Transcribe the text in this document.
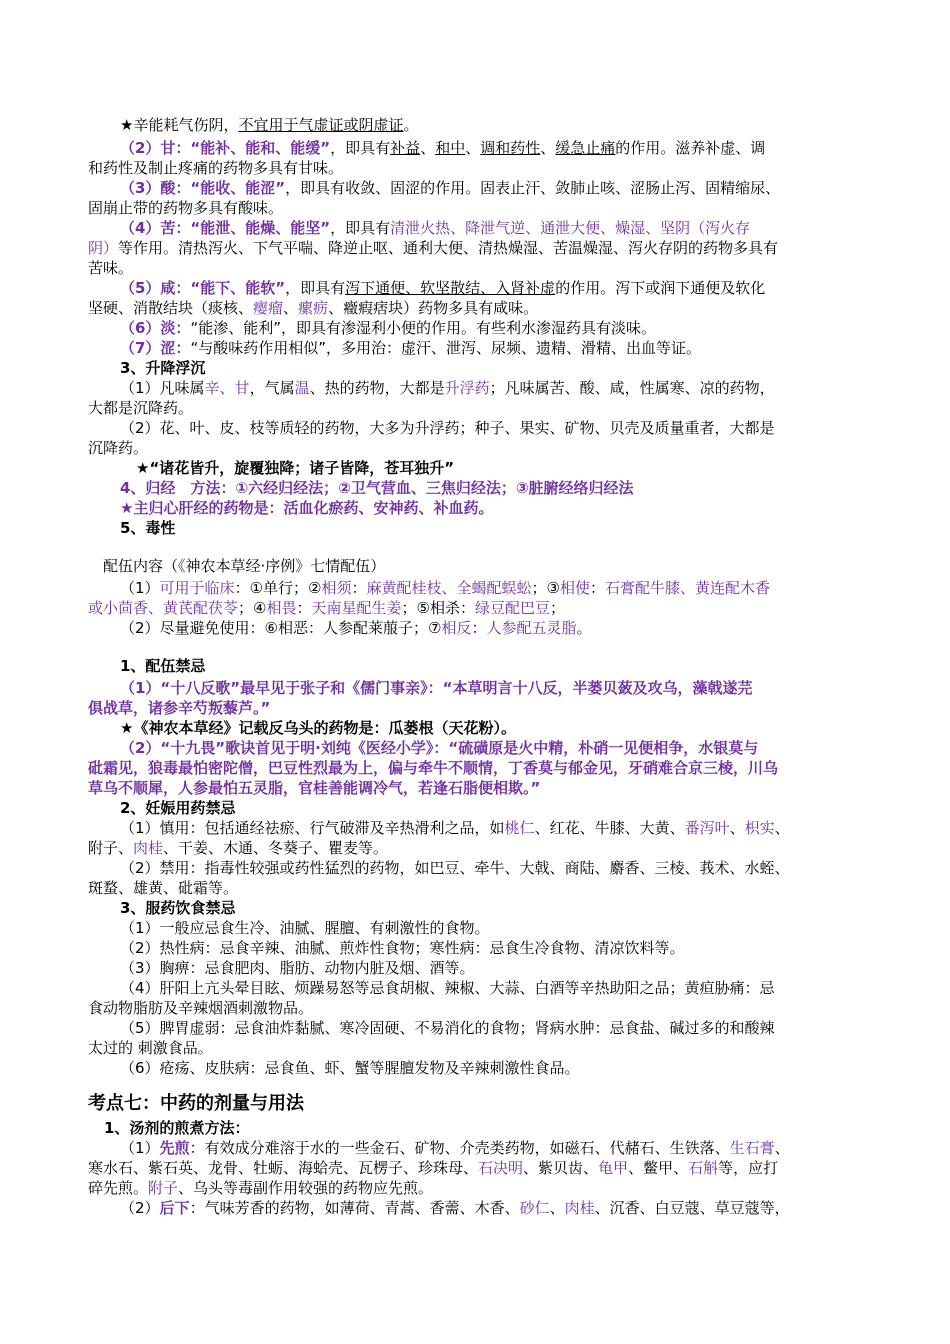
★辛能耗气伤阴，不宜用于气虚证或阴虚证。
（2）甘：“能补、能和、能缓”，即具有补益、和中、调和药性、缓急止痛的作用。滋养补虚、调
和药性及制止疼痛的药物多具有甘味。
（3）酸：“能收、能涩”，即具有收敛、固涩的作用。固表止汗、敛肺止咳、涩肠止泻、固精缩尿、
固崩止带的药物多具有酸味。
（4）苦：“能泄、能燥、能坚”，即具有清泄火热、降泄气逆、通泄大便、燥湿、坚阴（泻火存
阴）等作用。清热泻火、下气平喘、降逆止呕、通利大便、清热燥湿、苦温燥湿、泻火存阴的药物多具有
苦味。
（5）咸：“能下、能软”，即具有泻下通便、软坚散结、入肾补虚的作用。泻下或润下通便及软化
坚硬、消散结块（痰核、瘿瘤、瘰疬、癥瘕痞块）药物多具有咸味。
（6）淡：“能渗、能利”，即具有渗湿利小便的作用。有些利水渗湿药具有淡味。
（7）涩：“与酸味药作用相似”，多用治：虚汗、泄泻、尿频、遗精、滑精、出血等证。
3、升降浮沉
（1）凡味属辛、甘，气属温、热的药物，大都是升浮药；凡味属苦、酸、咸，性属寒、凉的药物，
大都是沉降药。
（2）花、叶、皮、枝等质轻的药物，大多为升浮药；种子、果实、矿物、贝壳及质量重者，大都是
沉降药。
★“诸花皆升，旋覆独降；诸子皆降，苍耳独升”
4、归经　方法：①六经归经法；②卫气营血、三焦归经法；③脏腑经络归经法
★主归心肝经的药物是：活血化瘀药、安神药、补血药。
5、毒性
配伍内容（《神农本草经·序例》七情配伍）
（1）可用于临床：①单行；②相须：麻黄配桂枝、全蝎配蜈蚣；③相使：石膏配牛膝、黄连配木香
或小茴香、黄芪配茯苓；④相畏：天南星配生姜；⑤相杀：绿豆配巴豆；
（2）尽量避免使用：⑥相恶：人参配莱菔子；⑦相反：人参配五灵脂。
1、配伍禁忌
（1）“十八反歌”最早见于张子和《儒门事亲》：“本草明言十八反，半蒌贝蔹及攻乌，藻戟遂芫
俱战草，诸参辛芍叛藜芦。”
★《神农本草经》记载反乌头的药物是：瓜蒌根（天花粉）。
（2）“十九畏”歌诀首见于明·刘纯《医经小学》：“硫磺原是火中精，朴硝一见便相争，水银莫与
砒霜见，狼毒最怕密陀僧，巴豆性烈最为上，偏与牵牛不顺情，丁香莫与郁金见，牙硝难合京三棱，川乌
草乌不顺犀，人参最怕五灵脂，官桂善能调冷气，若逢石脂便相欺。”
2、妊娠用药禁忌
（1）慎用：包括通经祛瘀、行气破滞及辛热滑利之品，如桃仁、红花、牛膝、大黄、番泻叶、枳实、
附子、肉桂、干姜、木通、冬葵子、瞿麦等。
（2）禁用：指毒性较强或药性猛烈的药物，如巴豆、牵牛、大戟、商陆、麝香、三棱、莪术、水蛭、
斑蝥、雄黄、砒霜等。
3、服药饮食禁忌
（1）一般应忌食生冷、油腻、腥膻、有刺激性的食物。
（2）热性病：忌食辛辣、油腻、煎炸性食物；寒性病：忌食生冷食物、清凉饮料等。
（3）胸痹：忌食肥肉、脂肪、动物内脏及烟、酒等。
（4）肝阳上亢头晕目眩、烦躁易怒等忌食胡椒、辣椒、大蒜、白酒等辛热助阳之品；黄疸胁痛：忌
食动物脂肪及辛辣烟酒刺激物品。
（5）脾胃虚弱：忌食油炸黏腻、寒冷固硬、不易消化的食物；肾病水肿：忌食盐、碱过多的和酸辣
太过的 刺激食品。
（6）疮疡、皮肤病：忌食鱼、虾、蟹等腥膻发物及辛辣刺激性食品。
考点七：中药的剂量与用法
1、汤剂的煎煮方法：
（1）先煎：有效成分难溶于水的一些金石、矿物、介壳类药物，如磁石、代赭石、生铁落、生石膏、
寒水石、紫石英、龙骨、牡蛎、海蛤壳、瓦楞子、珍珠母、石决明、紫贝齿、龟甲、鳖甲、石斛等，应打
碎先煎。附子、乌头等毒副作用较强的药物应先煎。
（2）后下：气味芳香的药物，如薄荷、青蒿、香薷、木香、砂仁、肉桂、沉香、白豆蔻、草豆蔻等，
